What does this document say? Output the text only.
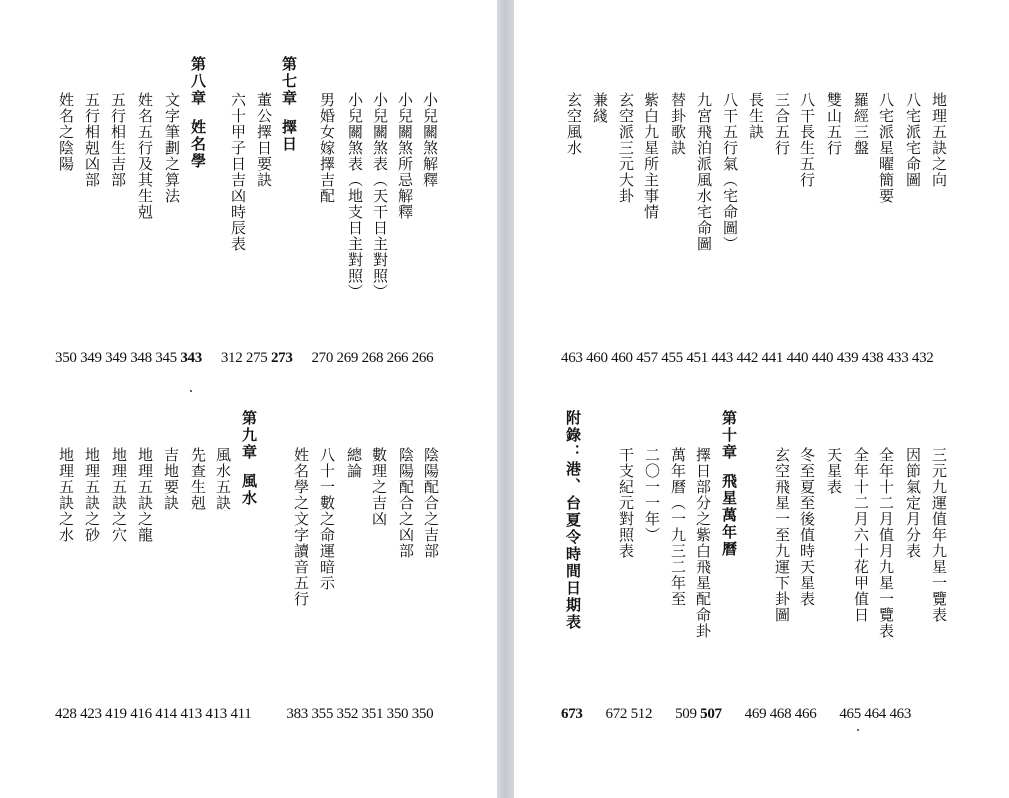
小兒關煞解釋
小兒關煞所忌解釋
小兒關煞表（天干日主對照）
小兒關煞表（地支日主對照）
男婚女嫁擇吉配
第七章擇日
董公擇日要訣
六十甲子日吉凶時辰表
第八章姓名學
文字筆劃之算法
姓名五行及其生剋
五行相生吉部
五行相剋凶部
姓名之陰陽
350 349 349 348 345 343 312 275 273 270 269 268 266 266
陰陽配合之吉部
陰陽配合之凶部
數理之吉凶
總論
八十一數之命運暗示
姓名學之文字讀音五行
第九章風水
風水五訣
先查生剋
吉地要訣
地理五訣之龍
地理五訣之穴
地理五訣之砂
地理五訣之水
428 423 419 416 414 413 413 411 383 355 352 351 350 350
地理五訣之向
八宅派宅命圖
八宅派星曜簡要
羅經三盤
雙山五行
八干長生五行
三合五行
長生訣
八干五行氣（宅命圖）
九宮飛泊派風水宅命圖
替卦歌訣
紫白九星所主事情
玄空派三元大卦
兼綫
玄空風水
463 460 460 457 455 451 443 442 441 440 440 439 438 433 432
三元九運值年九星一覽表
因節氣定月分表
全年十二月值月九星一覽表
全年十二月六十花甲值日
天星表
冬至夏至後值時天星表
玄空飛星一至九運下卦圖
第十章飛星萬年曆
擇日部分之紫白飛星配命卦
萬年曆（一九三二年至
二〇一一年）
干支紀元對照表
附錄：港、台夏令時間日期表
673 672 512 509 507 469 468 466 465 464 463
